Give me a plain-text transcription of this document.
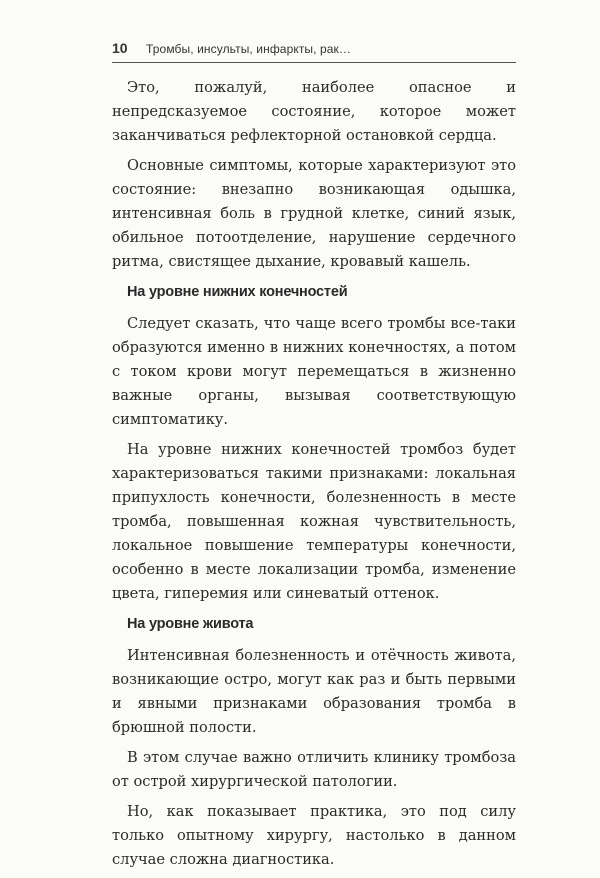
10 Тромбы, инсульты, инфаркты, рак…

Это, пожалуй, наиболее опасное и непредсказуемое состояние, которое может заканчиваться рефлекторной остановкой сердца.

Основные симптомы, которые характеризуют это состояние: внезапно возникающая одышка, интенсивная боль в грудной клетке, синий язык, обильное потоотделение, нарушение сердечного ритма, свистящее дыхание, кровавый кашель.

На уровне нижних конечностей

Следует сказать, что чаще всего тромбы все-таки образуются именно в нижних конечностях, а потом с током крови могут перемещаться в жизненно важные органы, вызывая соответствующую симптоматику.

На уровне нижних конечностей тромбоз будет характеризоваться такими признаками: локальная припухлость конечности, болезненность в месте тромба, повышенная кожная чувствительность, локальное повышение температуры конечности, особенно в месте локализации тромба, изменение цвета, гиперемия или синеватый оттенок.

На уровне живота

Интенсивная болезненность и отёчность живота, возникающие остро, могут как раз и быть первыми и явными признаками образования тромба в брюшной полости.

В этом случае важно отличить клинику тромбоза от острой хирургической патологии.

Но, как показывает практика, это под силу только опытному хирургу, настолько в данном случае сложна диагностика.
